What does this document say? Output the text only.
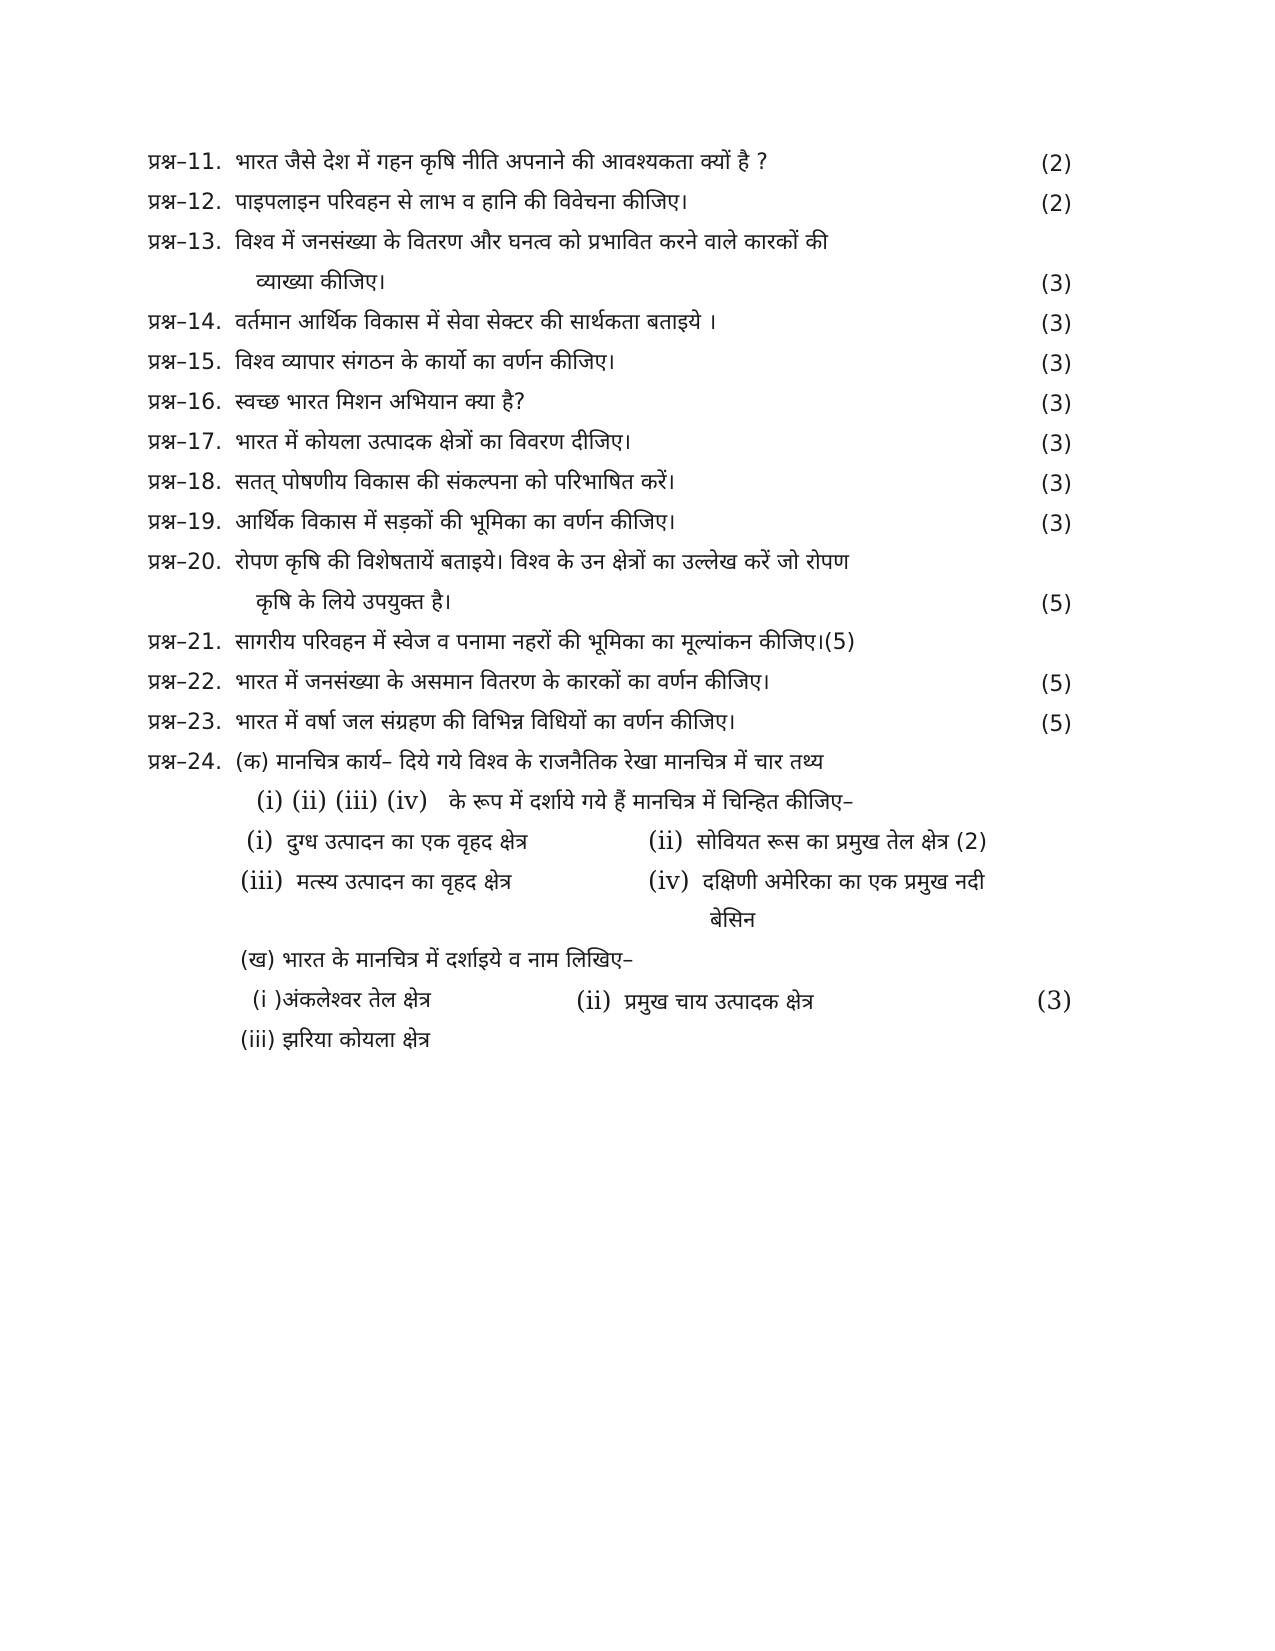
प्रश्न–11. भारत जैसे देश में गहन कृषि नीति अपनाने की आवश्यकता क्यों है ?	(2)
प्रश्न–12. पाइपलाइन परिवहन से लाभ व हानि की विवेचना कीजिए।	(2)
प्रश्न–13. विश्व में जनसंख्या के वितरण और घनत्व को प्रभावित करने वाले कारकों की
व्याख्या कीजिए।	(3)
प्रश्न–14. वर्तमान आर्थिक विकास में सेवा सेक्टर की सार्थकता बताइये ।	(3)
प्रश्न–15. विश्व व्यापार संगठन के कार्यो का वर्णन कीजिए।	(3)
प्रश्न–16. स्वच्छ भारत मिशन अभियान क्या है?	(3)
प्रश्न–17. भारत में कोयला उत्पादक क्षेत्रों का विवरण दीजिए।	(3)
प्रश्न–18. सतत् पोषणीय विकास की संकल्पना को परिभाषित करें।	(3)
प्रश्न–19. आर्थिक विकास में सड़कों की भूमिका का वर्णन कीजिए।	(3)
प्रश्न–20. रोपण कृषि की विशेषतायें बताइये। विश्व के उन क्षेत्रों का उल्लेख करें जो रोपण
कृषि के लिये उपयुक्त है।	(5)
प्रश्न–21. सागरीय परिवहन में स्वेज व पनामा नहरों की भूमिका का मूल्यांकन कीजिए।(5)
प्रश्न–22. भारत में जनसंख्या के असमान वितरण के कारकों का वर्णन कीजिए।	(5)
प्रश्न–23. भारत में वर्षा जल संग्रहण की विभिन्न विधियों का वर्णन कीजिए।	(5)
प्रश्न–24. (क) मानचित्र कार्य– दिये गये विश्व के राजनैतिक रेखा मानचित्र में चार तथ्य
(i) (ii) (iii) (iv) के रूप में दर्शाये गये हैं मानचित्र में चिन्हित कीजिए–
(i) दुग्ध उत्पादन का एक वृहद क्षेत्र	(ii) सोवियत रूस का प्रमुख तेल क्षेत्र (2)
(iii) मत्स्य उत्पादन का वृहद क्षेत्र	(iv) दक्षिणी अमेरिका का एक प्रमुख नदी
बेसिन
(ख) भारत के मानचित्र में दर्शाइये व नाम लिखिए–
(i )अंकलेश्वर तेल क्षेत्र	(ii) प्रमुख चाय उत्पादक क्षेत्र	(3)
(iii) झरिया कोयला क्षेत्र
